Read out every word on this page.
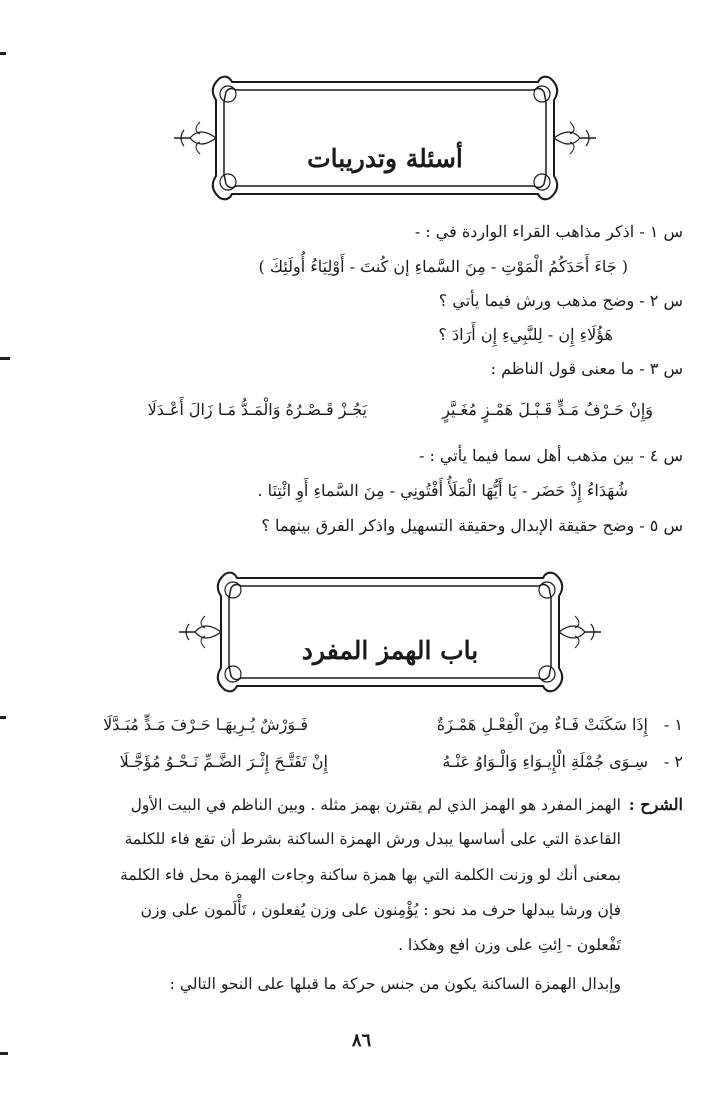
أسئلة وتدريبات
س ١ - اذكر مذاهب القراء الواردة في : -
( جَاءَ أَحَدَكُمُ الْمَوْتِ - مِنَ السَّماءِ إن كُنتَ - أَوْلِيَاءُ أُولَئِكَ )
س ٢ - وضح مذهب ورش فيما يأتي ؟
هَؤُلَاءِ إِن - لِلنَّبِيءِ إِن أَرَادَ ؟
س ٣ - ما معنى قول الناظم :
وَإِنْ حَـرْفُ مَـدٍّ قَـبْـلَ هَمْـزٍ مُغَـيَّرٍ
يَجُـزْ قَـصْـرُهُ وَالْمَـدُّ مَـا زَالَ أَعْـدَلَا
س ٤ - بين مذهب أهل سما فيما يأتي : -
شُهَدَاءُ إِذْ حَضَر - يَا أَيُّهَا الْمَلَأُ أَفْتُونِي - مِنَ السَّماءِ أَوِ ائْتِنَا .
س ٥ - وضح حقيقة الإبدال وحقيقة التسهيل واذكر الفرق بينهما ؟
باب الهمز المفرد
١ -
إِذَا سَكَنَتْ فَـاءٌ مِنَ الْفِعْـلِ هَمْـزَةٌ
فَـوَرْشٌ يُـرِيهَـا حَـرْفَ مَـدٍّ مُبَـدَّلَا
٢ -
سِـوَى جُمْلَةِ الْإِيـوَاءِ وَالْـوَاوُ عَنْـهُ
إِنْ تَفَتَّـحَ إِثْـرَ الضَّـمِّ نَـحْـوُ مُؤَجَّـلَا
الشرح :
الهمز المفرد هو الهمز الذي لم يقترن بهمز مثله . وبين الناظم في البيت الأول
القاعدة التي على أساسها يبدل ورش الهمزة الساكنة بشرط أن تقع فاء للكلمة
بمعنى أنك لو وزنت الكلمة التي بها همزة ساكنة وجاءت الهمزة محل فاء الكلمة
فإن ورشا يبدلها حرف مد نحو : يُؤْمِنون على وزن يُفعلون ، تَأْلَمون على وزن
تَفْعلون - اِئتِ على وزن افع وهكذا .
وإبدال الهمزة الساكنة يكون من جنس حركة ما قبلها على النحو التالي :
٨٦
